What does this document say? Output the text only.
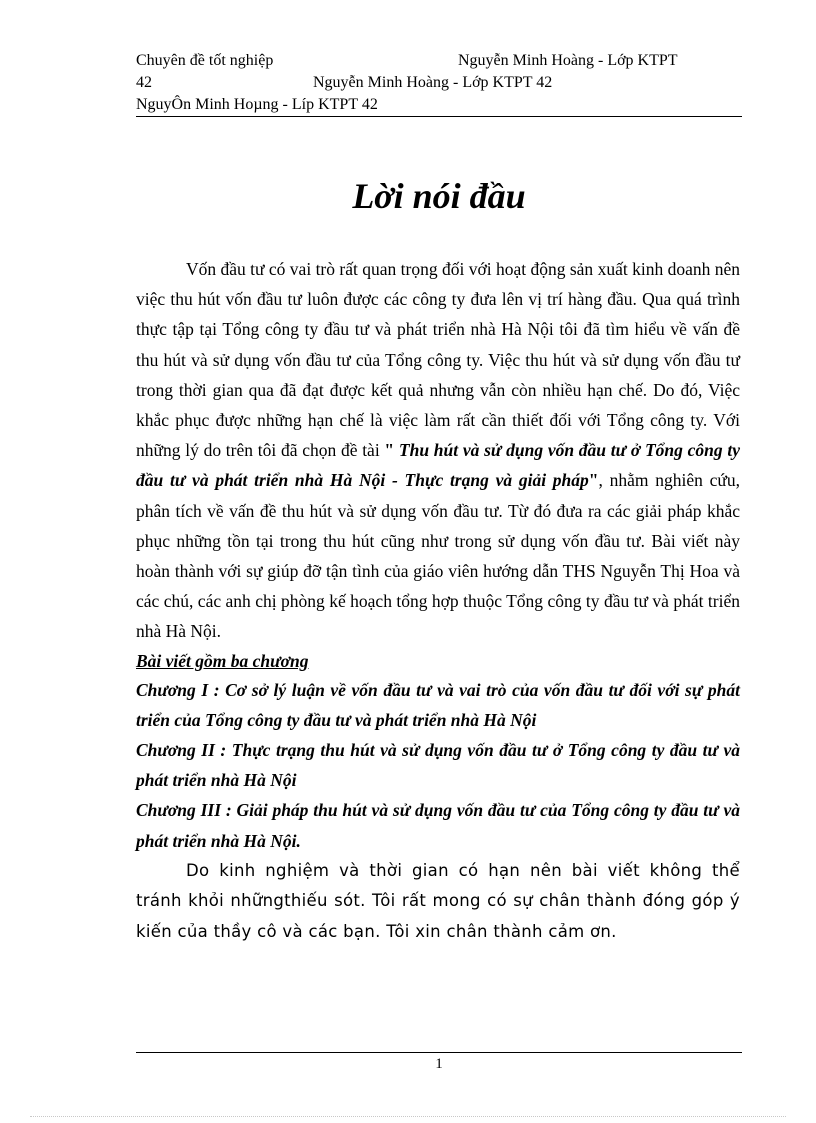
Chuyên đề tốt nghiệp	Nguyễn Minh Hoàng - Lớp KTPT
42	Nguyễn Minh Hoàng - Lớp KTPT 42
NguyÔn Minh Hoµng - Líp KTPT 42
Lời nói đầu

Vốn đầu tư có vai trò rất quan trọng đối với hoạt động sản xuất kinh doanh nên việc thu hút vốn đầu tư luôn được các công ty đưa lên vị trí hàng đầu. Qua quá trình thực tập tại Tổng công ty đầu tư và phát triển nhà Hà Nội tôi đã tìm hiểu về vấn đề thu hút và sử dụng vốn đầu tư của Tổng công ty. Việc thu hút và sử dụng vốn đầu tư trong thời gian qua đã đạt được kết quả nhưng vẫn còn nhiều hạn chế. Do đó, Việc khắc phục được những hạn chế là việc làm rất cần thiết đối với Tổng công ty. Với những lý do trên tôi đã chọn đề tài " Thu hút và sử dụng vốn đầu tư ở Tổng công ty đầu tư và phát triển nhà Hà Nội - Thực trạng và giải pháp", nhằm nghiên cứu, phân tích về vấn đề thu hút và sử dụng vốn đầu tư. Từ đó đưa ra các giải pháp khắc phục những tồn tại trong thu hút cũng như trong sử dụng vốn đầu tư. Bài viết này hoàn thành với sự giúp đỡ tận tình của giáo viên hướng dẫn THS Nguyễn Thị Hoa và các chú, các anh chị phòng kế hoạch tổng hợp thuộc Tổng công ty đầu tư và phát triển nhà Hà Nội.

Bài viết gồm ba chương

Chương I : Cơ sở lý luận về vốn đầu tư và vai trò của vốn đầu tư đối với sự phát triển của Tổng công ty đầu tư và phát triển nhà Hà Nội

Chương II : Thực trạng thu hút và sử dụng vốn đầu tư ở Tổng công ty đầu tư và phát triển nhà Hà Nội

Chương III : Giải pháp thu hút và sử dụng vốn đầu tư của Tổng công ty đầu tư và phát triển nhà Hà Nội.

Do kinh nghiệm và thời gian có hạn nên bài viết không thể tránh khỏi nhữngthiếu sót. Tôi rất mong có sự chân thành đóng góp ý kiến của thầy cô và các bạn. Tôi xin chân thành cảm ơn.

1
